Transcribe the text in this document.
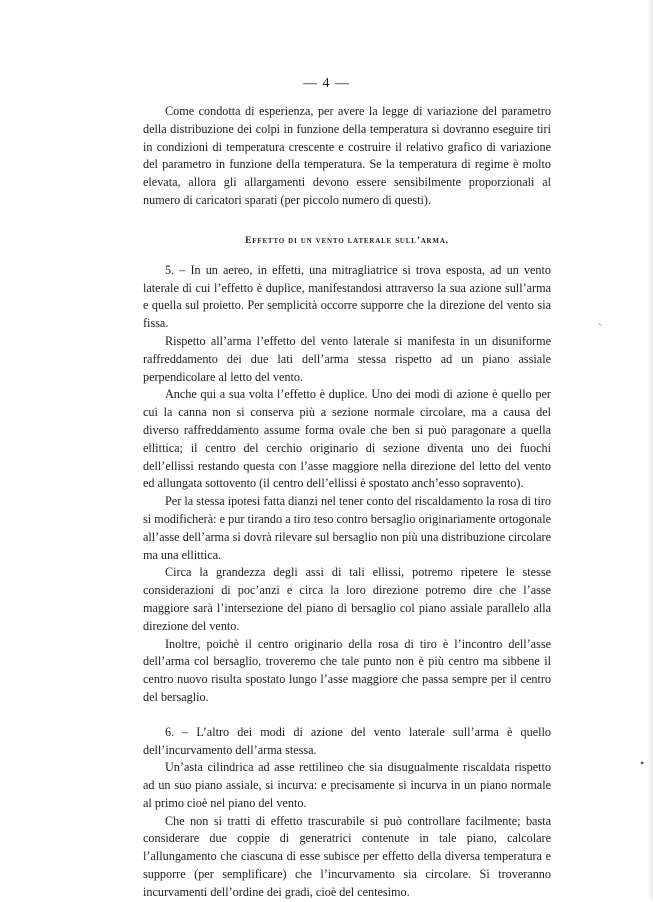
`
•
— 4 —

Come condotta di esperienza, per avere la legge di variazione del parametro della distribuzione dei colpi in funzione della temperatura si dovranno eseguire tiri in condizioni di temperatura crescente e costruire il relativo grafico di variazione del parametro in funzione della temperatura. Se la temperatura di regime è molto elevata, allora gli allargamenti devono essere sensibilmente proporzionali al numero di caricatori sparati (per piccolo numero di questi).

Effetto di un vento laterale sull’arma.

5. – In un aereo, in effetti, una mitragliatrice si trova esposta, ad un vento laterale di cui l’effetto è duplice, manifestandosi attraverso la sua azione sull’arma e quella sul proietto. Per semplicità occorre supporre che la direzione del vento sia fissa.

Rispetto all’arma l’effetto del vento laterale si manifesta in un disuniforme raffreddamento dei due lati dell’arma stessa rispetto ad un piano assiale perpendicolare al letto del vento.

Anche qui a sua volta l’effetto è duplice. Uno dei modi di azione è quello per cui la canna non si conserva più a sezione normale circolare, ma a causa del diverso raffreddamento assume forma ovale che ben si può paragonare a quella ellittica; il centro del cerchio originario di sezione diventa uno dei fuochi dell’ellissi restando questa con l’asse maggiore nella direzione del letto del vento ed allungata sottovento (il centro dell’ellissi è spostato anch’esso sopravento).

Per la stessa ipotesi fatta dianzi nel tener conto del riscaldamento la rosa di tiro si modificherà: e pur tirando a tiro teso contro bersaglio originariamente ortogonale all’asse dell’arma si dovrà rilevare sul bersaglio non più una distribuzione circolare ma una ellittica.

Circa la grandezza degli assi di tali ellissi, potremo ripetere le stesse considerazioni di poc’anzi e circa la loro direzione potremo dire che l’asse maggiore sarà l’intersezione del piano di bersaglio col piano assiale parallelo alla direzione del vento.

Inoltre, poichè il centro originario della rosa di tiro è l’incontro dell’asse dell’arma col bersaglio, troveremo che tale punto non è più centro ma sibbene il centro nuovo risulta spostato lungo l’asse maggiore che passa sempre per il centro del bersaglio.

6. – L’altro dei modi di azione del vento laterale sull’arma è quello dell’incurvamento dell’arma stessa.

Un’asta cilindrica ad asse rettilineo che sia disugualmente riscaldata rispetto ad un suo piano assiale, si incurva: e precisamente si incurva in un piano normale al primo cioè nel piano del vento.

Che non si tratti di effetto trascurabile si può controllare facilmente; basta considerare due coppie di generatrici contenute in tale piano, calcolare l’allungamento che ciascuna di esse subisce per effetto della diversa temperatura e supporre (per semplificare) che l’incurvamento sia circolare. Si troveranno incurvamenti dell’ordine dei gradi, cioè del centesimo.
